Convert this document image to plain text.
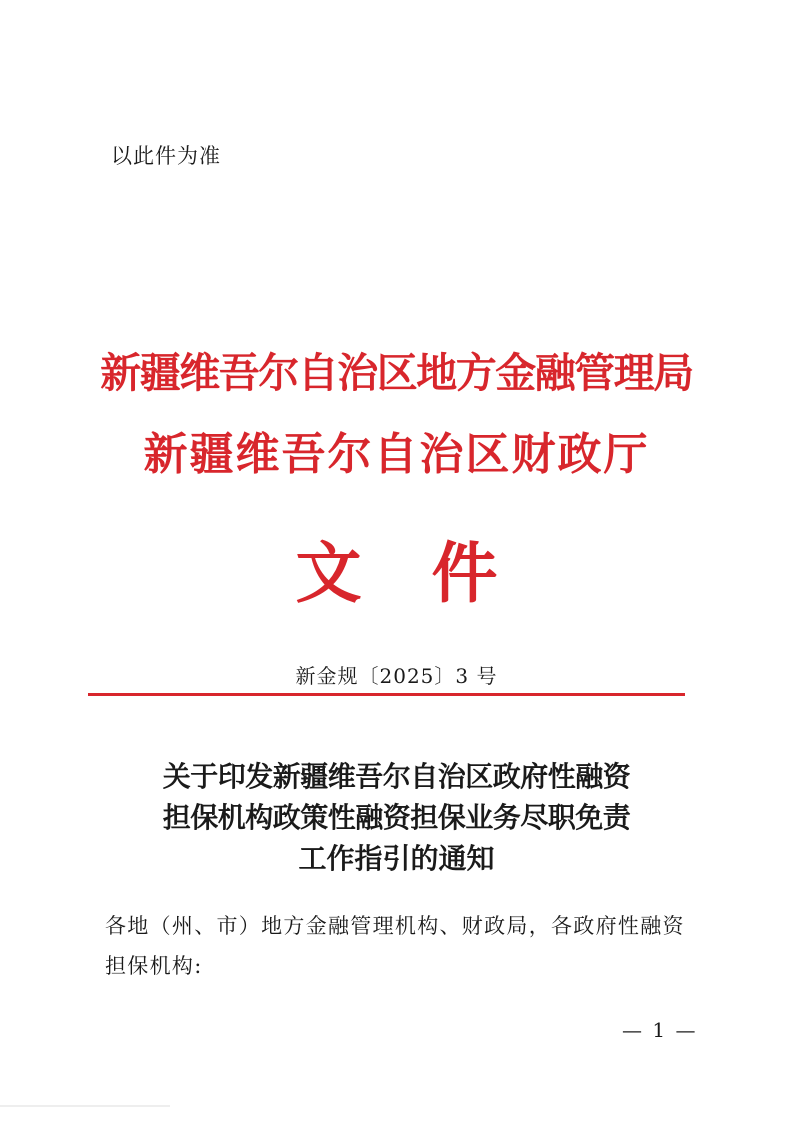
以此件为准
新疆维吾尔自治区地方金融管理局
新疆维吾尔自治区财政厅
文件
新金规〔2025〕3 号
关于印发新疆维吾尔自治区政府性融资
担保机构政策性融资担保业务尽职免责
工作指引的通知
各地（州、市）地方金融管理机构、财政局，各政府性融资担保机构:
— 1 —
